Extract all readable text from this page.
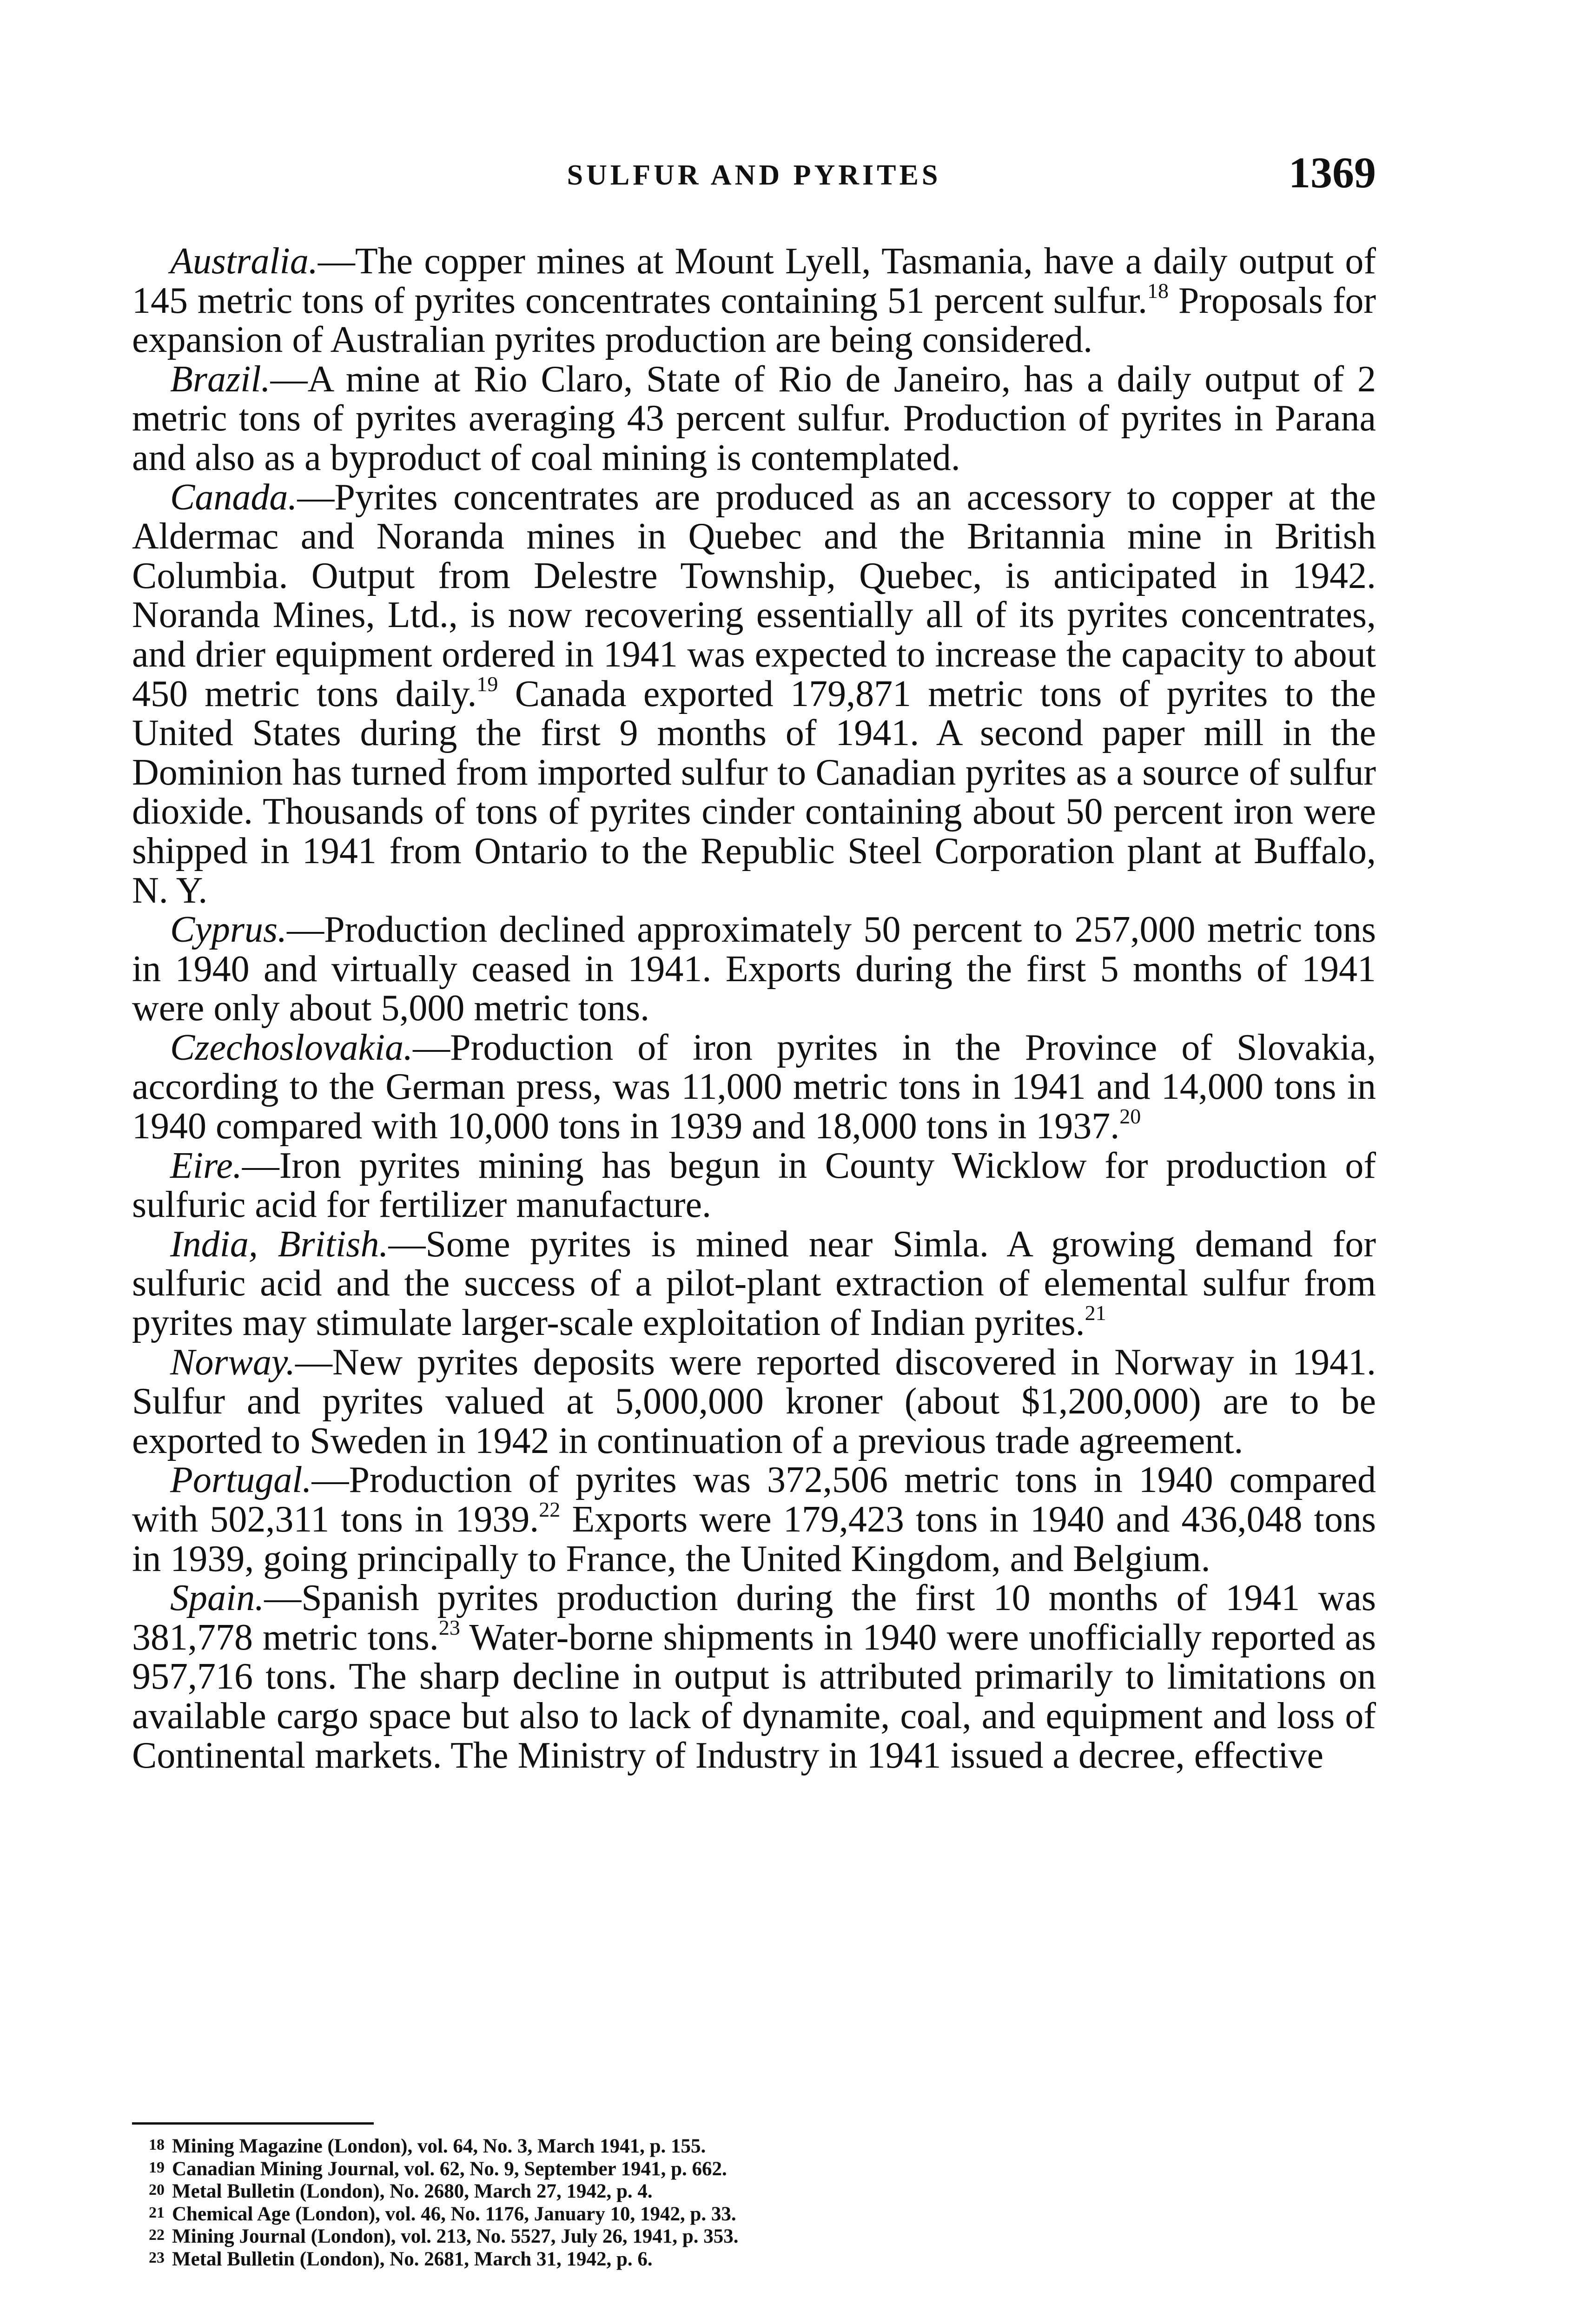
SULFUR AND PYRITES	1369

Australia.—The copper mines at Mount Lyell, Tasmania, have a daily output of 145 metric tons of pyrites concentrates containing 51 percent sulfur.$^{18}$ Proposals for expansion of Australian pyrites production are being considered.

Brazil.—A mine at Rio Claro, State of Rio de Janeiro, has a daily output of 2 metric tons of pyrites averaging 43 percent sulfur. Production of pyrites in Parana and also as a byproduct of coal mining is contemplated.

Canada.—Pyrites concentrates are produced as an accessory to copper at the Aldermac and Noranda mines in Quebec and the Britannia mine in British Columbia. Output from Delestre Township, Quebec, is anticipated in 1942. Noranda Mines, Ltd., is now recovering essentially all of its pyrites concentrates, and drier equipment ordered in 1941 was expected to increase the capacity to about 450 metric tons daily.$^{19}$ Canada exported 179,871 metric tons of pyrites to the United States during the first 9 months of 1941. A second paper mill in the Dominion has turned from imported sulfur to Canadian pyrites as a source of sulfur dioxide. Thousands of tons of pyrites cinder containing about 50 percent iron were shipped in 1941 from Ontario to the Republic Steel Corporation plant at Buffalo, N. Y.

Cyprus.—Production declined approximately 50 percent to 257,000 metric tons in 1940 and virtually ceased in 1941. Exports during the first 5 months of 1941 were only about 5,000 metric tons.

Czechoslovakia.—Production of iron pyrites in the Province of Slovakia, according to the German press, was 11,000 metric tons in 1941 and 14,000 tons in 1940 compared with 10,000 tons in 1939 and 18,000 tons in 1937.20

Eire.—Iron pyrites mining has begun in County Wicklow for production of sulfuric acid for fertilizer manufacture.

India, British.—Some pyrites is mined near Simla. A growing demand for sulfuric acid and the success of a pilot-plant extraction of elemental sulfur from pyrites may stimulate larger-scale exploitation of Indian pyrites.$^{21}$

Norway.—New pyrites deposits were reported discovered in Norway in 1941. Sulfur and pyrites valued at 5,000,000 kroner (about $1,200,000) are to be exported to Sweden in 1942 in continuation of a previous trade agreement.

Portugal.—Production of pyrites was 372,506 metric tons in 1940 compared with 502,311 tons in 1939.22 Exports were 179,423 tons in 1940 and 436,048 tons in 1939, going principally to France, the United Kingdom, and Belgium.

Spain.—Spanish pyrites production during the first 10 months of 1941 was 381,778 metric tons.$^{23}$ Water-borne shipments in 1940 were unofficially reported as 957,716 tons. The sharp decline in output is attributed primarily to limitations on available cargo space but also to lack of dynamite, coal, and equipment and loss of Continental markets. The Ministry of Industry in 1941 issued a decree, effective

18 Mining Magazine (London), vol. 64, No. 3, March 1941, p. 155.

19 Canadian Mining Journal, vol. 62, No. 9, September 1941, p. 662.

20 Metal Bulletin (London), No. 2680, March 27, 1942, p. 4.

21 Chemical Age (London), vol. 46, No. 1176, January 10, 1942, p. 33.

22 Mining Journal (London), vol. 213, No. 5527, July 26, 1941, p. 353.

23 Metal Bulletin (London), No. 2681, March 31, 1942, p. 6.
